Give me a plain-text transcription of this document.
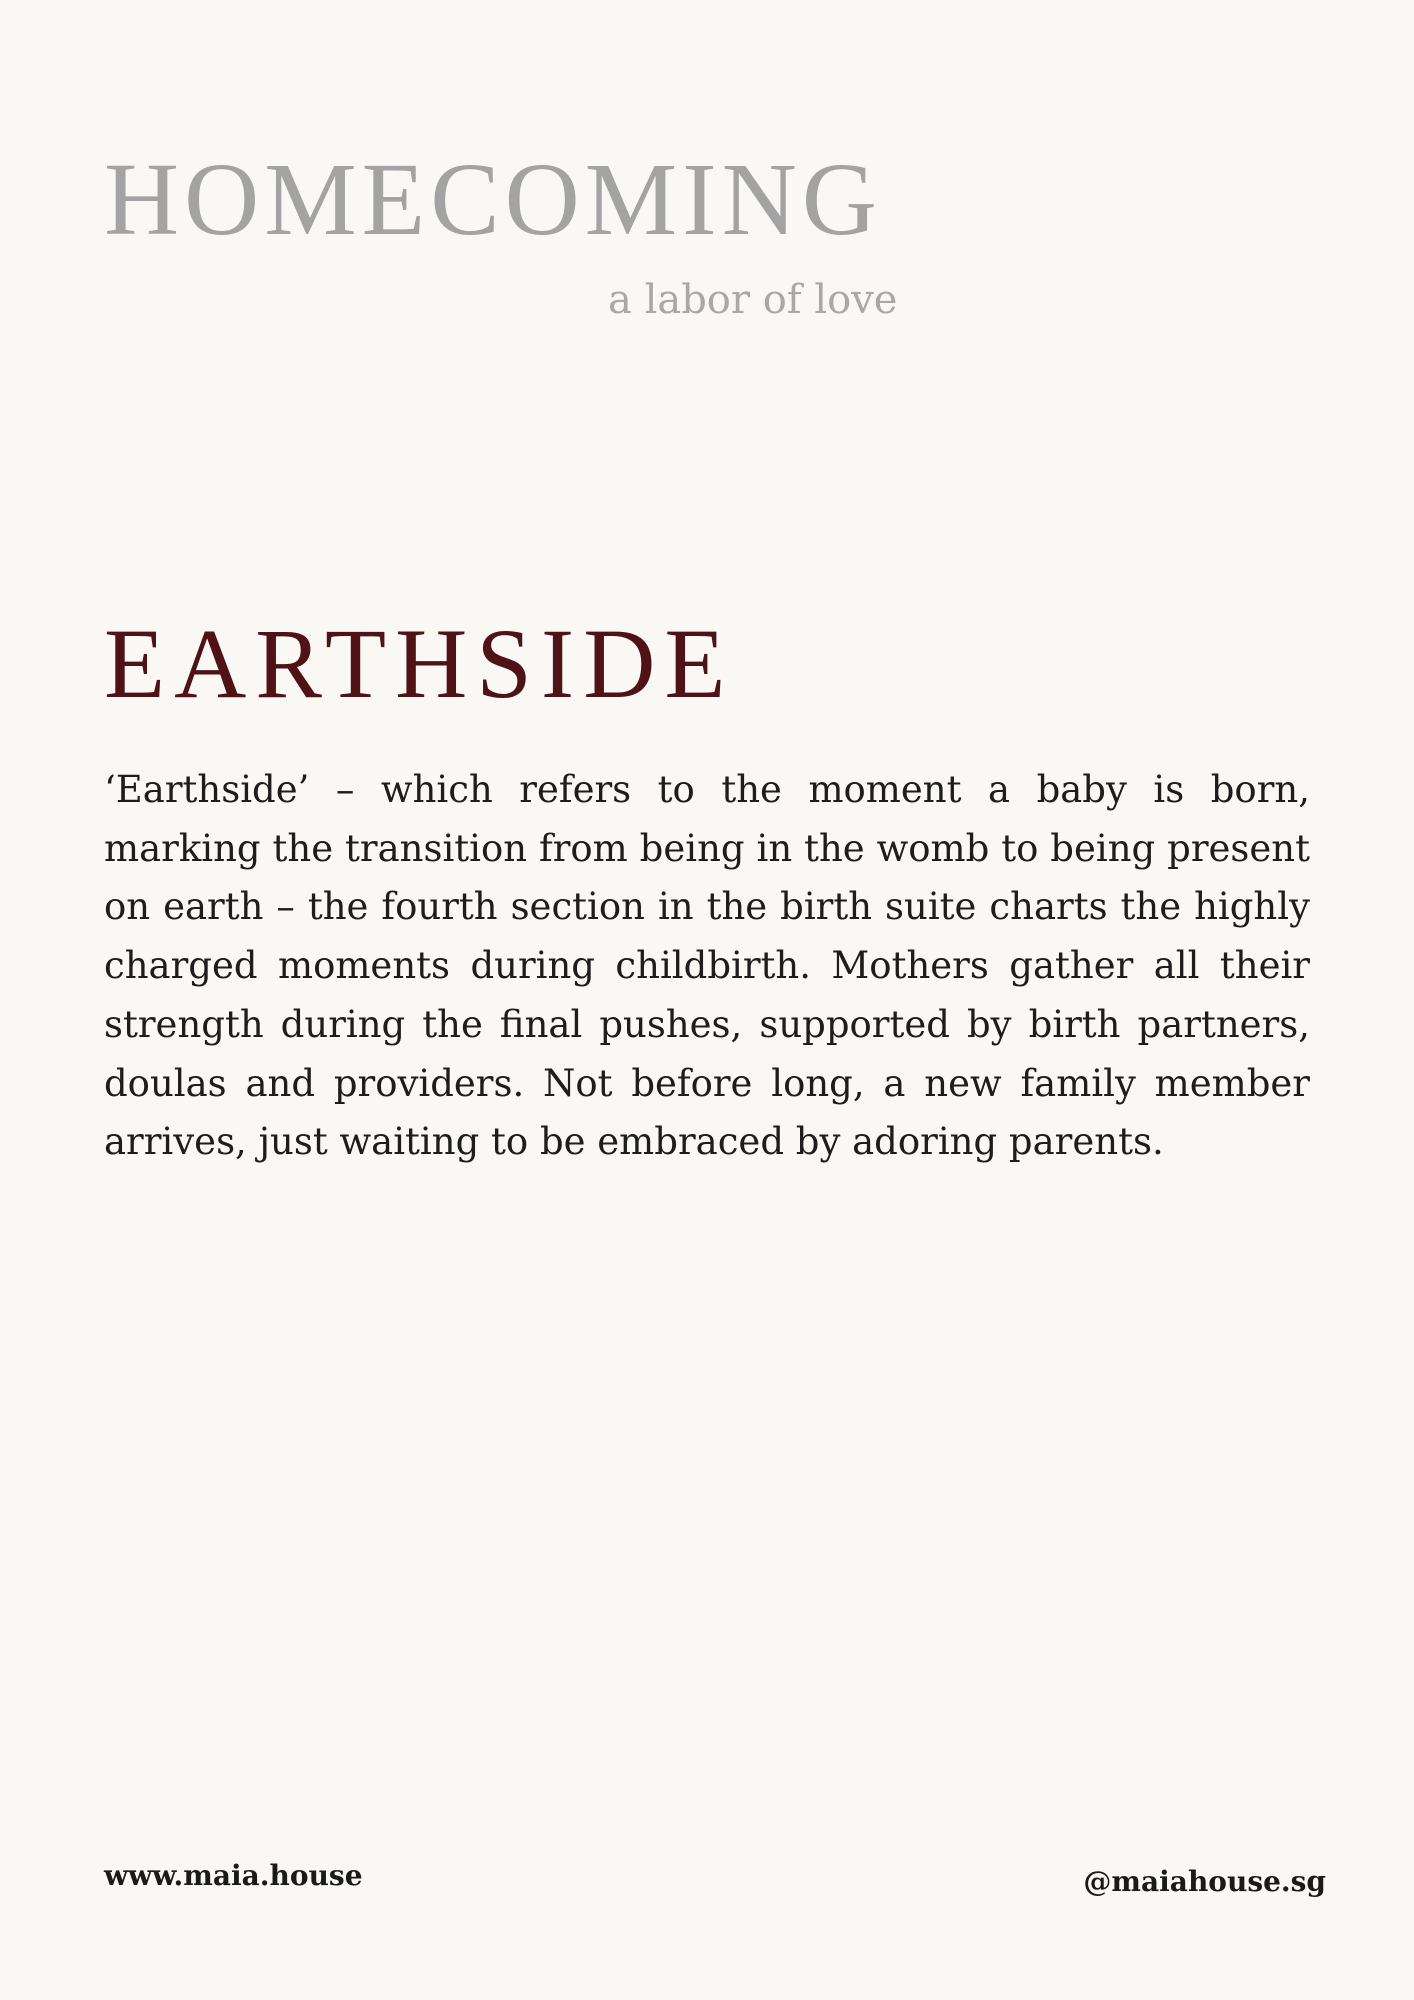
HOMECOMING

a labor of love

EARTHSIDE

‘Earthside’ – which refers to the moment a baby is born, marking the transition from being in the womb to being present on earth – the fourth section in the birth suite charts the highly charged moments during childbirth. Mothers gather all their strength during the final pushes, supported by birth partners, doulas and providers. Not before long, a new family member arrives, just waiting to be embraced by adoring parents.

www.maia.house	@maiahouse.sg
